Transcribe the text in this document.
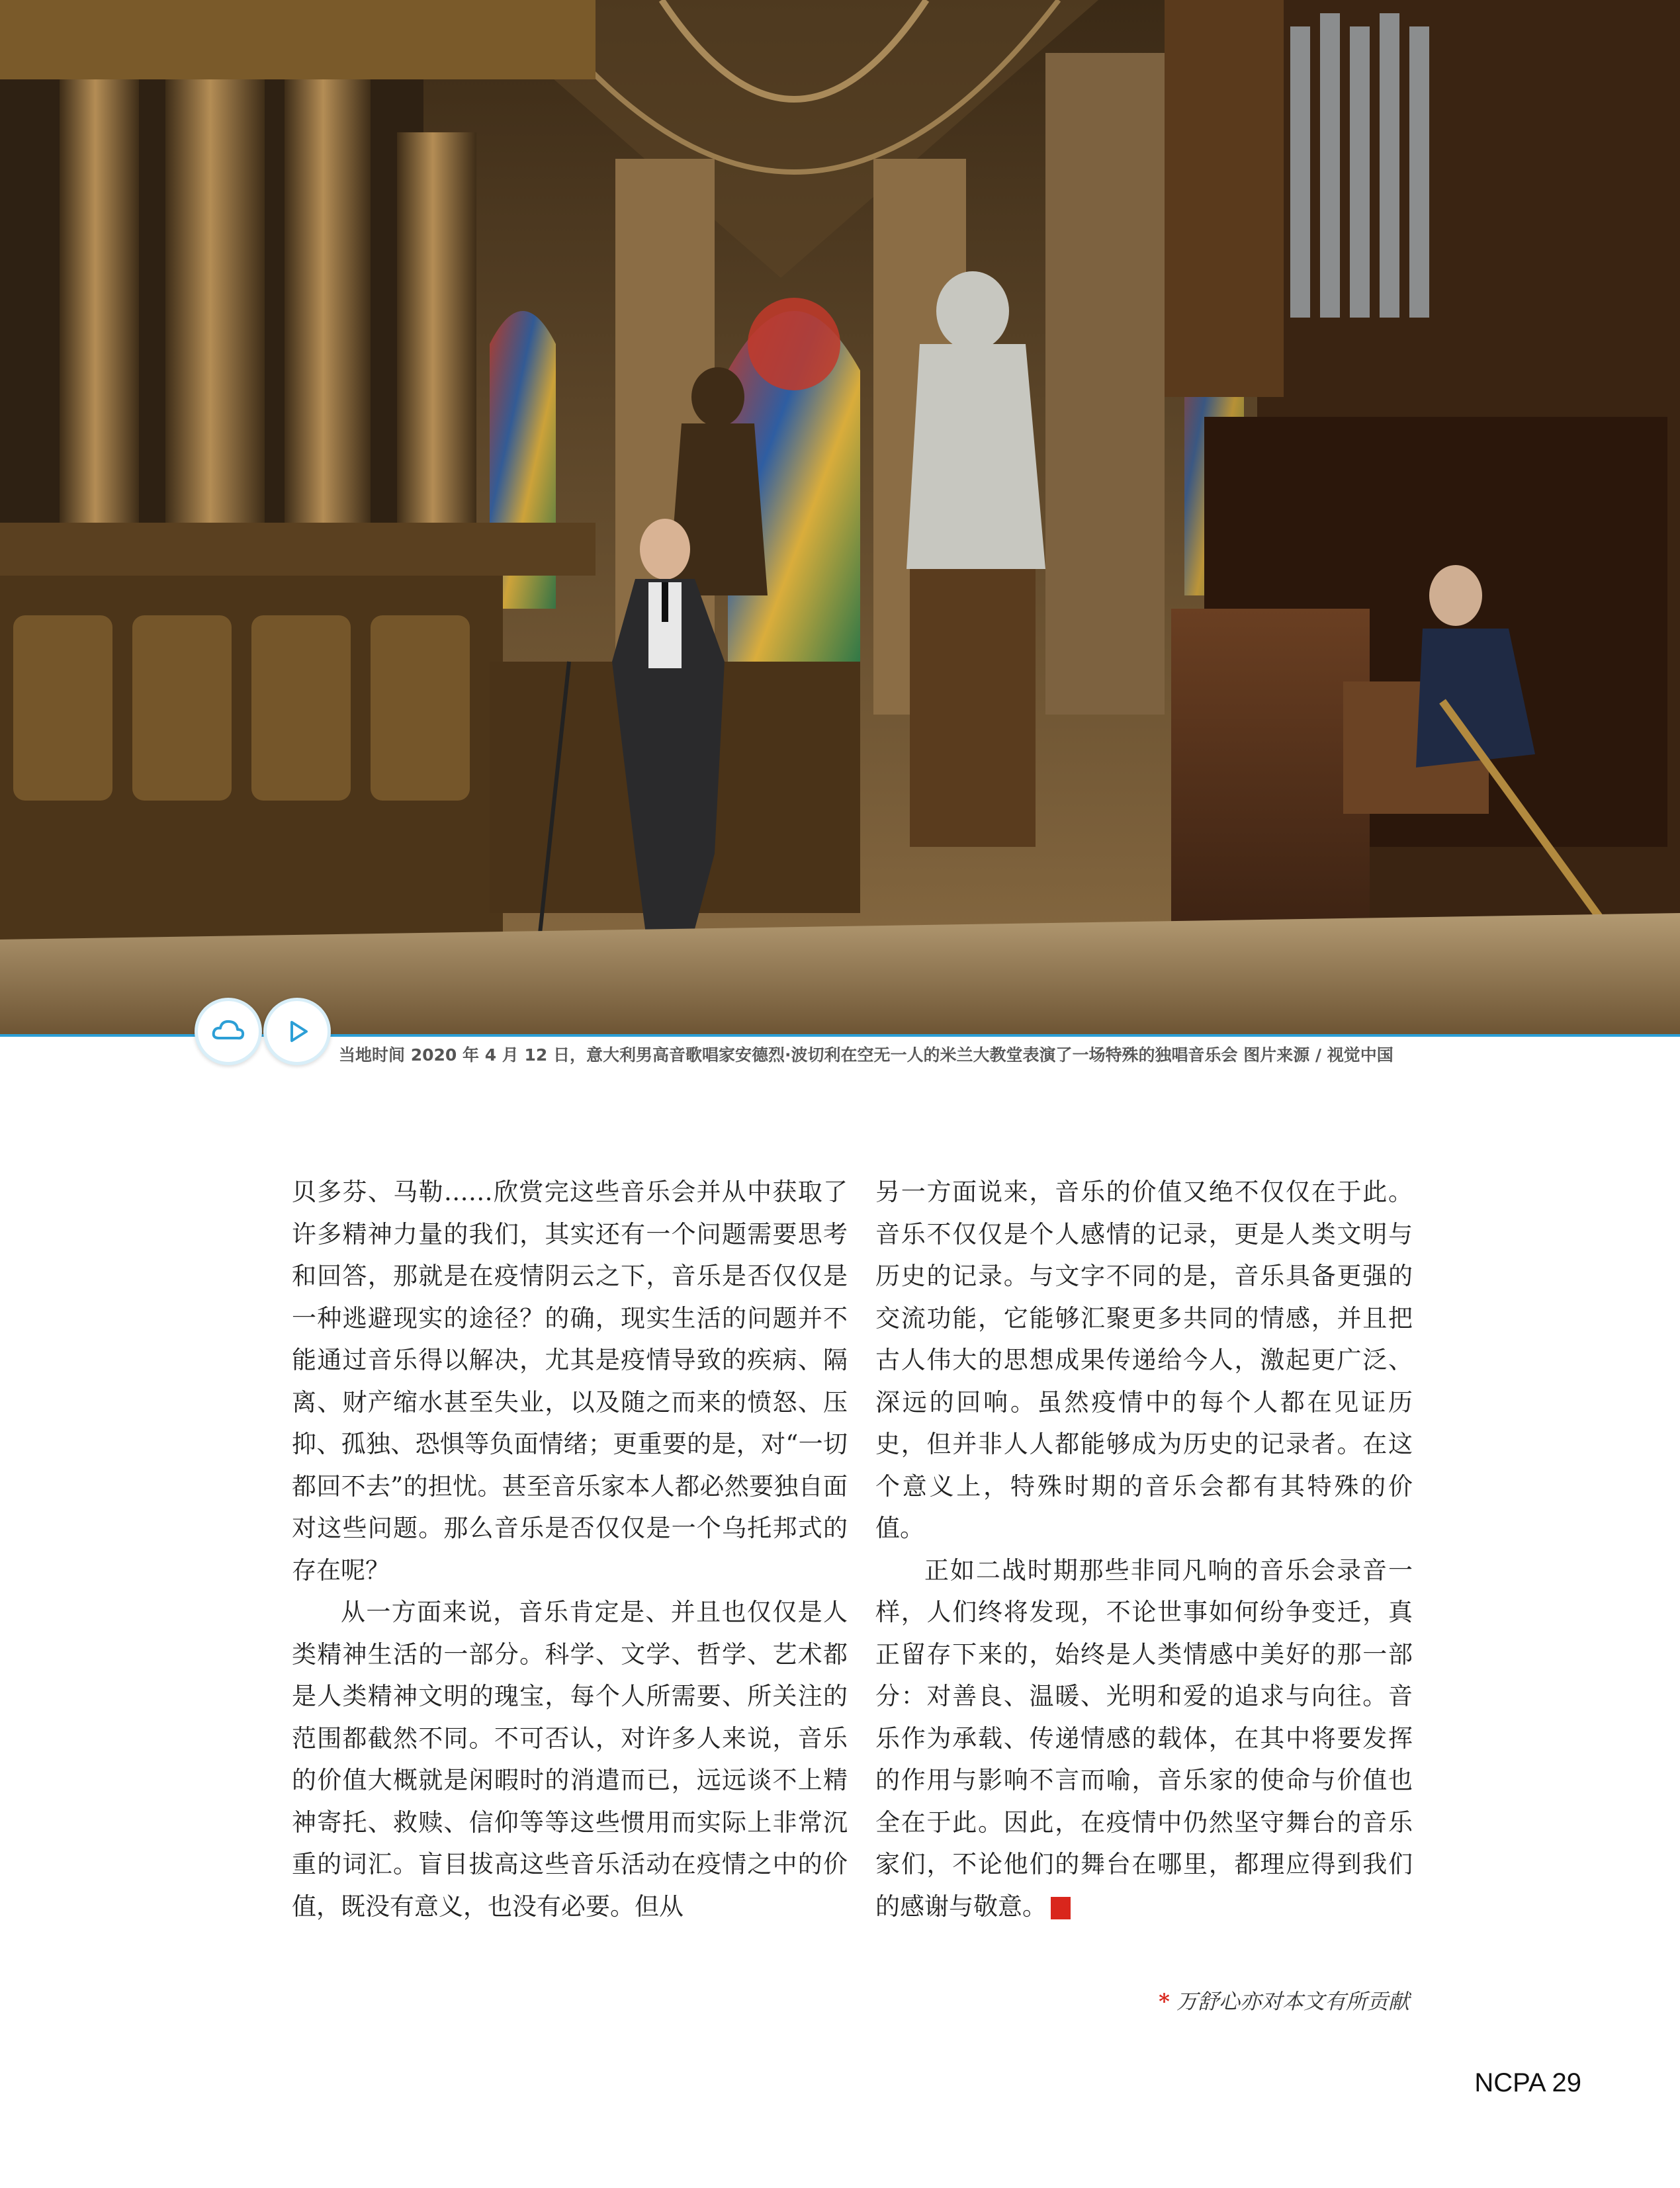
当地时间 2020 年 4 月 12 日，意大利男高音歌唱家安德烈·波切利在空无一人的米兰大教堂表演了一场特殊的独唱音乐会 图片来源 / 视觉中国

贝多芬、马勒……欣赏完这些音乐会并从中获取了许多精神力量的我们，其实还有一个问题需要思考和回答，那就是在疫情阴云之下，音乐是否仅仅是一种逃避现实的途径？的确，现实生活的问题并不能通过音乐得以解决，尤其是疫情导致的疾病、隔离、财产缩水甚至失业，以及随之而来的愤怒、压抑、孤独、恐惧等负面情绪；更重要的是，对“一切都回不去”的担忧。甚至音乐家本人都必然要独自面对这些问题。那么音乐是否仅仅是一个乌托邦式的存在呢？

从一方面来说，音乐肯定是、并且也仅仅是人类精神生活的一部分。科学、文学、哲学、艺术都是人类精神文明的瑰宝，每个人所需要、所关注的范围都截然不同。不可否认，对许多人来说，音乐的价值大概就是闲暇时的消遣而已，远远谈不上精神寄托、救赎、信仰等等这些惯用而实际上非常沉重的词汇。盲目拔高这些音乐活动在疫情之中的价值，既没有意义，也没有必要。但从

另一方面说来，音乐的价值又绝不仅仅在于此。音乐不仅仅是个人感情的记录，更是人类文明与历史的记录。与文字不同的是，音乐具备更强的交流功能，它能够汇聚更多共同的情感，并且把古人伟大的思想成果传递给今人，激起更广泛、深远的回响。虽然疫情中的每个人都在见证历史，但并非人人都能够成为历史的记录者。在这个意义上，特殊时期的音乐会都有其特殊的价值。

正如二战时期那些非同凡响的音乐会录音一样，人们终将发现，不论世事如何纷争变迁，真正留存下来的，始终是人类情感中美好的那一部分：对善良、温暖、光明和爱的追求与向往。音乐作为承载、传递情感的载体，在其中将要发挥的作用与影响不言而喻，音乐家的使命与价值也全在于此。因此，在疫情中仍然坚守舞台的音乐家们，不论他们的舞台在哪里，都理应得到我们的感谢与敬意。	NCPA

* 万舒心亦对本文有所贡献
NCPA 29
